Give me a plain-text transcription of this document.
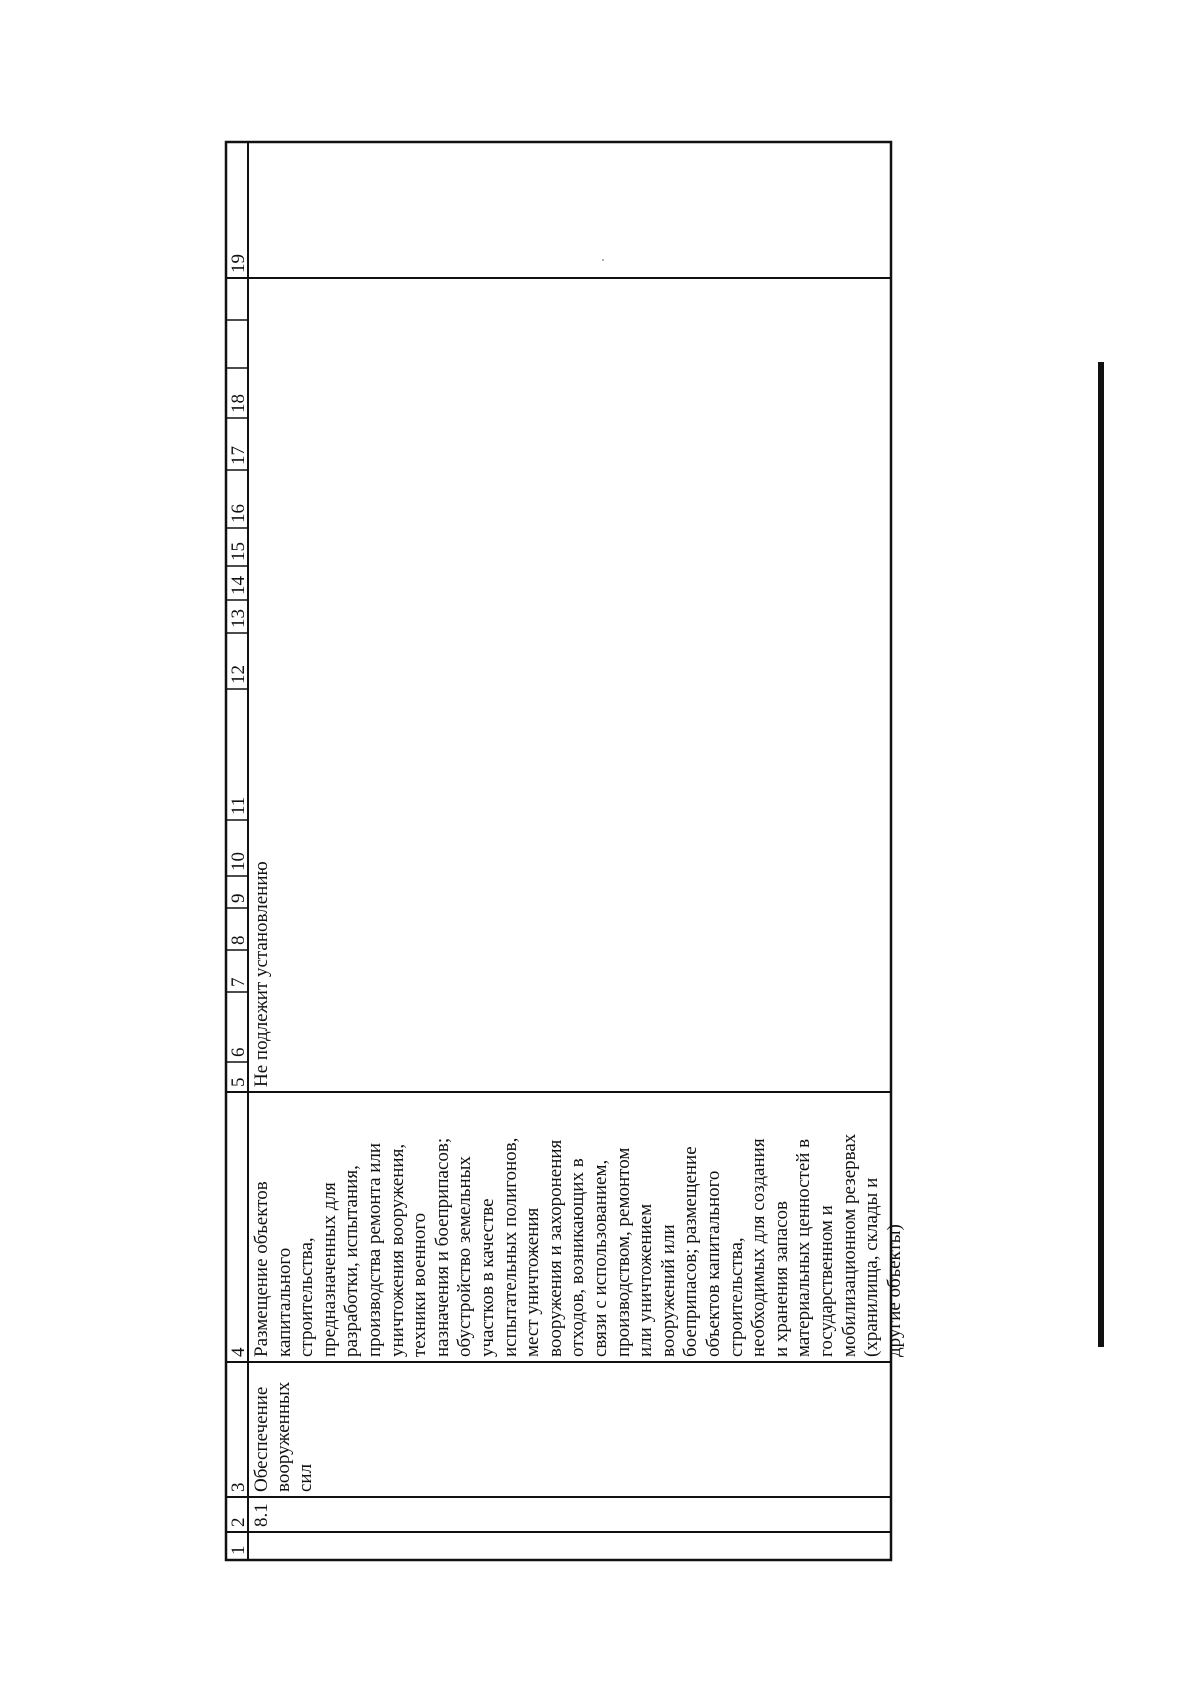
1
2
3
4
5
6
7
8
9
10
11
12
13
14
15
16
17
18
19
8.1
Обеспечение вооруженных сил
Размещение объектов капитального строительства, предназначенных для разработки, испытания, производства ремонта или уничтожения вооружения, техники военного назначения и боеприпасов; обустройство земельных участков в качестве испытательных полигонов, мест уничтожения вооружения и захоронения отходов, возникающих в связи с использованием, производством, ремонтом или уничтожением вооружений или боеприпасов; размещение объектов капитального строительства, необходимых для создания и хранения запасов материальных ценностей в государственном и мобилизационном резервах (хранилища, склады и другие объекты)
Не подлежит установлению
